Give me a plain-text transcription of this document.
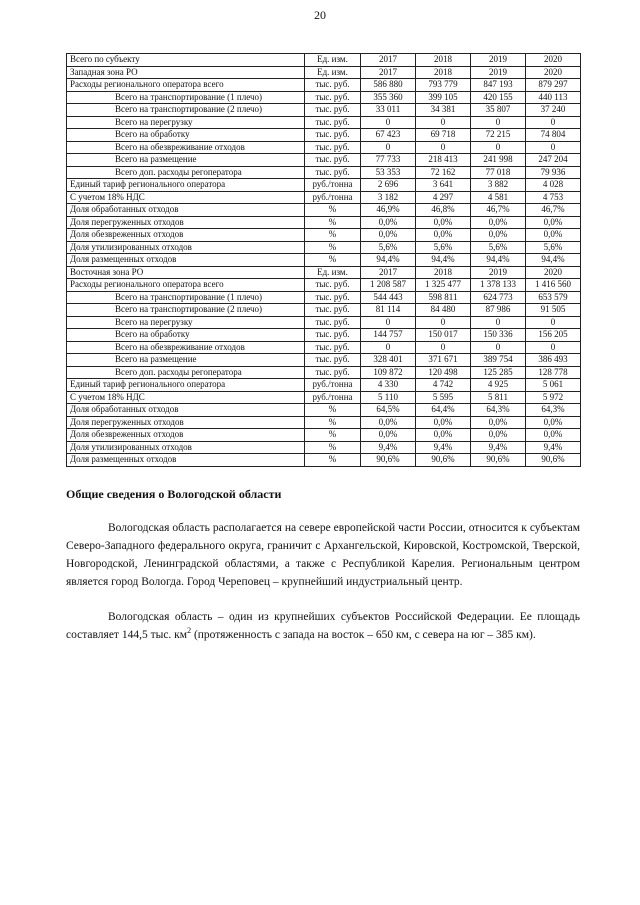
20
Всего по субъекту	Ед. изм.	2017	2018	2019	2020
Западная зона РО	Ед. изм.	2017	2018	2019	2020
Расходы регионального оператора всего	тыс. руб.	586 880	793 779	847 193	879 297
Всего на транспортирование (1 плечо)	тыс. руб.	355 360	399 105	420 155	440 113
Всего на транспортирование (2 плечо)	тыс. руб.	33 011	34 381	35 807	37 240
Всего на перегрузку	тыс. руб.	0	0	0	0
Всего на обработку	тыс. руб.	67 423	69 718	72 215	74 804
Всего на обезвреживание отходов	тыс. руб.	0	0	0	0
Всего на размещение	тыс. руб.	77 733	218 413	241 998	247 204
Всего доп. расходы регоператора	тыс. руб.	53 353	72 162	77 018	79 936
Единый тариф регионального оператора	руб./тонна	2 696	3 641	3 882	4 028
С учетом 18% НДС	руб./тонна	3 182	4 297	4 581	4 753
Доля обработанных отходов	%	46,9%	46,8%	46,7%	46,7%
Доля перегруженных отходов	%	0,0%	0,0%	0,0%	0,0%
Доля обезвреженных отходов	%	0,0%	0,0%	0,0%	0,0%
Доля утилизированных отходов	%	5,6%	5,6%	5,6%	5,6%
Доля размещенных отходов	%	94,4%	94,4%	94,4%	94,4%
Восточная зона РО	Ед. изм.	2017	2018	2019	2020
Расходы регионального оператора всего	тыс. руб.	1 208 587	1 325 477	1 378 133	1 416 560
Всего на транспортирование (1 плечо)	тыс. руб.	544 443	598 811	624 773	653 579
Всего на транспортирование (2 плечо)	тыс. руб.	81 114	84 480	87 986	91 505
Всего на перегрузку	тыс. руб.	0	0	0	0
Всего на обработку	тыс. руб.	144 757	150 017	150 336	156 205
Всего на обезвреживание отходов	тыс. руб.	0	0	0	0
Всего на размещение	тыс. руб.	328 401	371 671	389 754	386 493
Всего доп. расходы регоператора	тыс. руб.	109 872	120 498	125 285	128 778
Единый тариф регионального оператора	руб./тонна	4 330	4 742	4 925	5 061
С учетом 18% НДС	руб./тонна	5 110	5 595	5 811	5 972
Доля обработанных отходов	%	64,5%	64,4%	64,3%	64,3%
Доля перегруженных отходов	%	0,0%	0,0%	0,0%	0,0%
Доля обезвреженных отходов	%	0,0%	0,0%	0,0%	0,0%
Доля утилизированных отходов	%	9,4%	9,4%	9,4%	9,4%
Доля размещенных отходов	%	90,6%	90,6%	90,6%	90,6%
Общие сведения о Вологодской области

Вологодская область располагается на севере европейской части России, относится к субъектам Северо-Западного федерального округа, граничит с Архангельской, Кировской, Костромской, Тверской, Новгородской, Ленинградской областями, а также с Республикой Карелия. Региональным центром является город Вологда. Город Череповец – крупнейший индустриальный центр.

Вологодская область – один из крупнейших субъектов Российской Федерации. Ее площадь составляет 144,5 тыс. $км^2$ (протяженность с запада на восток – 650 км, с севера на юг – 385 км).
